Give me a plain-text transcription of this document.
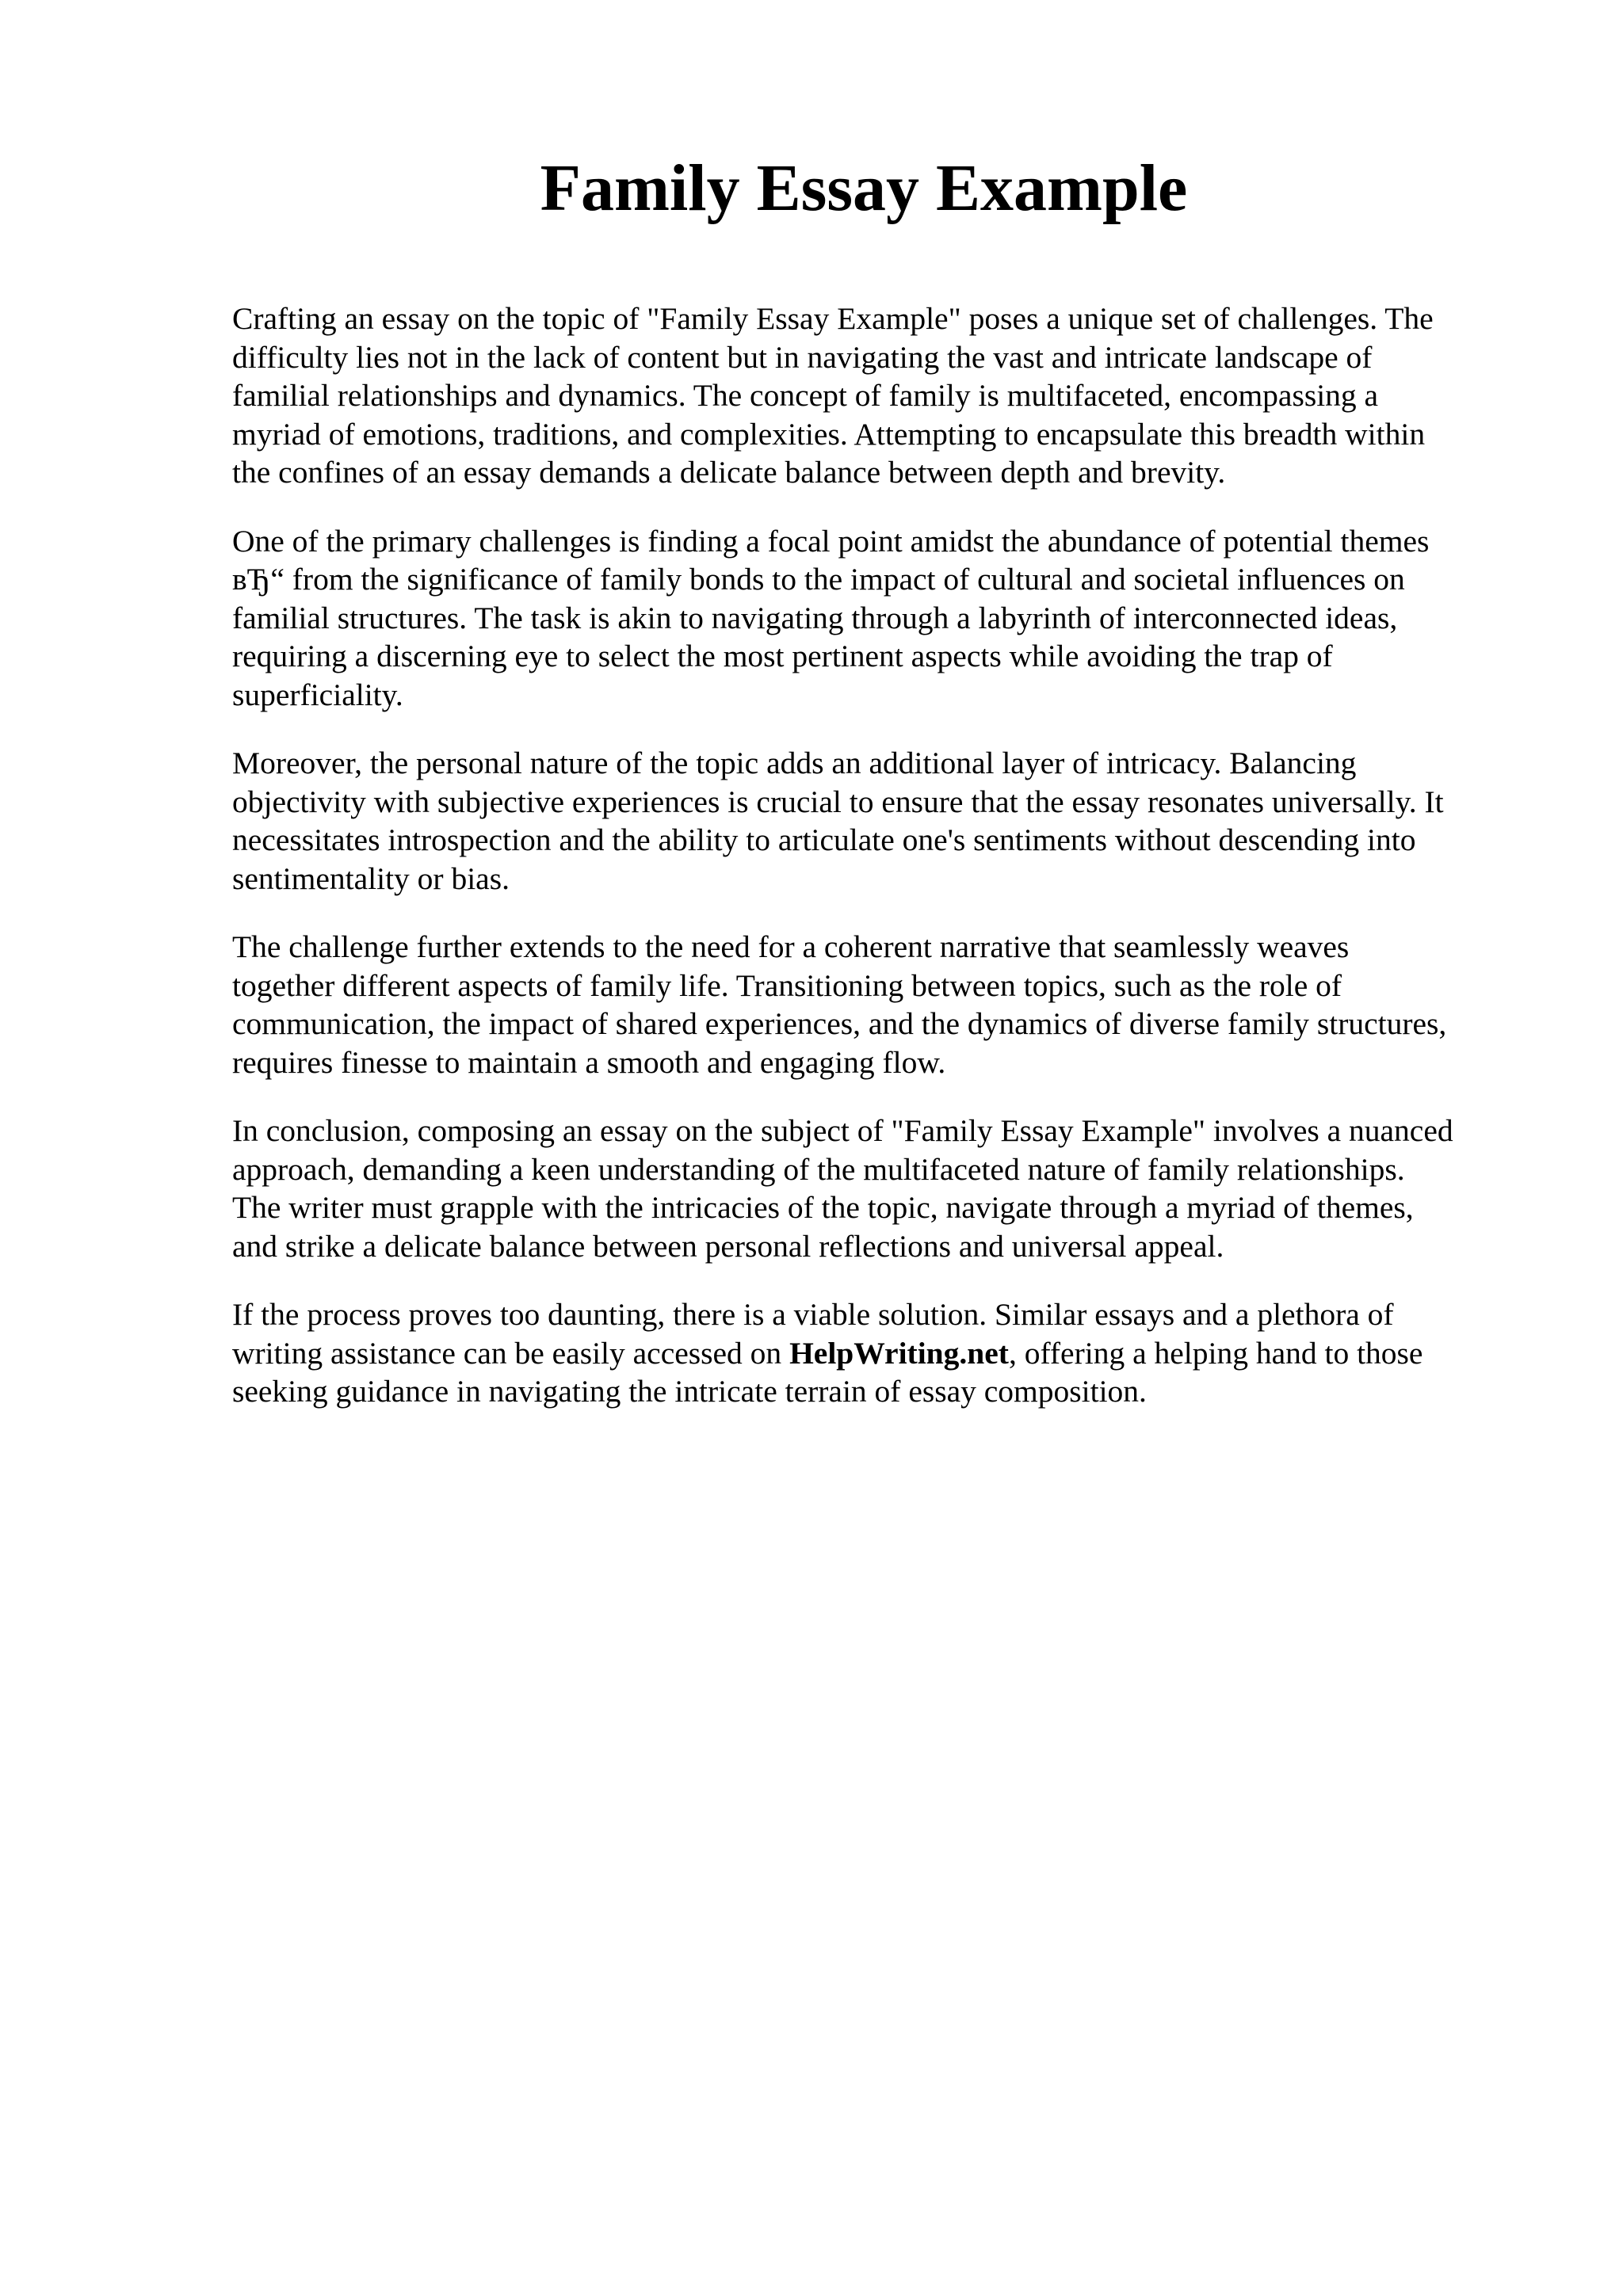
Family Essay Example

Crafting an essay on the topic of "Family Essay Example" poses a unique set of challenges. The
difficulty lies not in the lack of content but in navigating the vast and intricate landscape of
familial relationships and dynamics. The concept of family is multifaceted, encompassing a
myriad of emotions, traditions, and complexities. Attempting to encapsulate this breadth within
the confines of an essay demands a delicate balance between depth and brevity.

One of the primary challenges is finding a focal point amidst the abundance of potential themes
вЂ“ from the significance of family bonds to the impact of cultural and societal influences on
familial structures. The task is akin to navigating through a labyrinth of interconnected ideas,
requiring a discerning eye to select the most pertinent aspects while avoiding the trap of
superficiality.

Moreover, the personal nature of the topic adds an additional layer of intricacy. Balancing
objectivity with subjective experiences is crucial to ensure that the essay resonates universally. It
necessitates introspection and the ability to articulate one's sentiments without descending into
sentimentality or bias.

The challenge further extends to the need for a coherent narrative that seamlessly weaves
together different aspects of family life. Transitioning between topics, such as the role of
communication, the impact of shared experiences, and the dynamics of diverse family structures,
requires finesse to maintain a smooth and engaging flow.

In conclusion, composing an essay on the subject of "Family Essay Example" involves a nuanced
approach, demanding a keen understanding of the multifaceted nature of family relationships.
The writer must grapple with the intricacies of the topic, navigate through a myriad of themes,
and strike a delicate balance between personal reflections and universal appeal.

If the process proves too daunting, there is a viable solution. Similar essays and a plethora of
writing assistance can be easily accessed on HelpWriting.net, offering a helping hand to those
seeking guidance in navigating the intricate terrain of essay composition.
